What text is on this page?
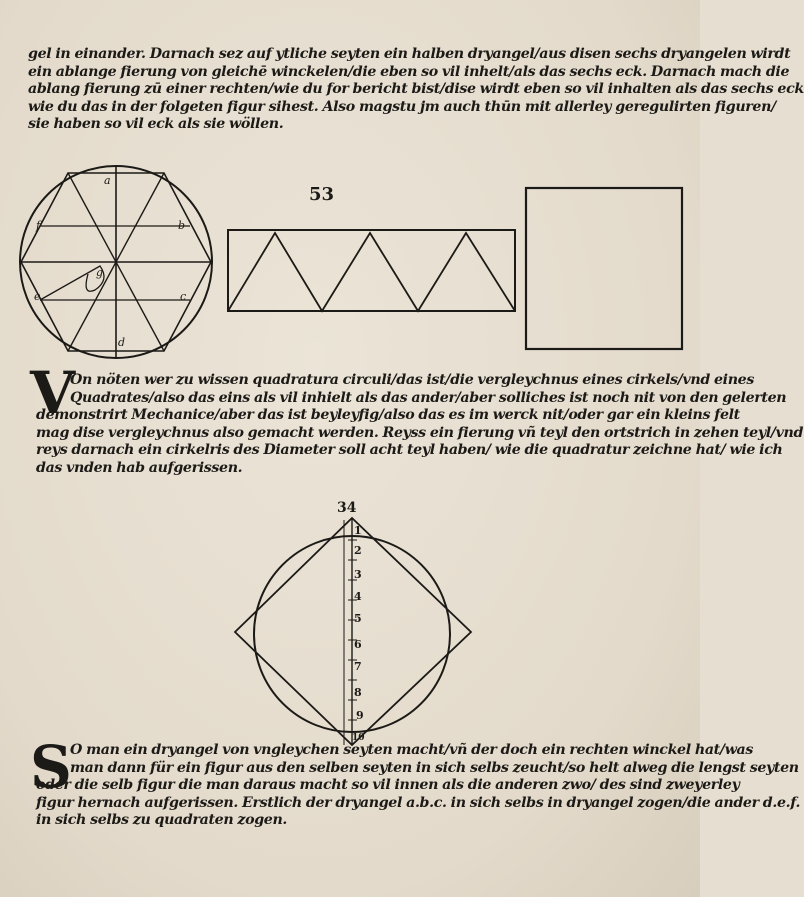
gel in einander. Darnach sez auf ytliche seyten ein halben dryangel/aus disen sechs dryangelen wirdt

ein ablange fierung von gleichē winckelen/die eben so vil inhelt/als das sechs eck. Darnach mach die

ablang fierung zū einer rechten/wie du for bericht bist/dise wirdt eben so vil inhalten als das sechs eck

wie du das in der folgeten figur sihest. Also magstu jm auch thūn mit allerley geregulirten figuren/

sie haben so vil eck als sie wöllen.

53
a
b
c
d
e
f
g
34
1
2
3
4
5
6
7
8
9
10
V

On nöten wer zu wissen quadratura circuli/das ist/die vergleychnus eines cirkels/vnd eines

Quadrates/also das eins als vil inhielt als das ander/aber solliches ist noch nit von den gelerten

demonstrirt Mechanice/aber das ist beyleyfig/also das es im werck nit/oder gar ein kleins felt

mag dise vergleychnus also gemacht werden. Reyss ein fierung vñ teyl den ortstrich in zehen teyl/vnd

reys darnach ein cirkelris des Diameter soll acht teyl haben/ wie die quadratur zeichne hat/ wie ich

das vnden hab aufgerissen.

S

O man ein dryangel von vngleychen seyten macht/vñ der doch ein rechten winckel hat/was

man dann für ein figur aus den selben seyten in sich selbs zeucht/so helt alweg die lengst seyten

oder die selb figur die man daraus macht so vil innen als die anderen zwo/ des sind zweyerley

figur hernach aufgerissen. Erstlich der dryangel a.b.c. in sich selbs in dryangel zogen/die ander d.e.f.

in sich selbs zu quadraten zogen.
